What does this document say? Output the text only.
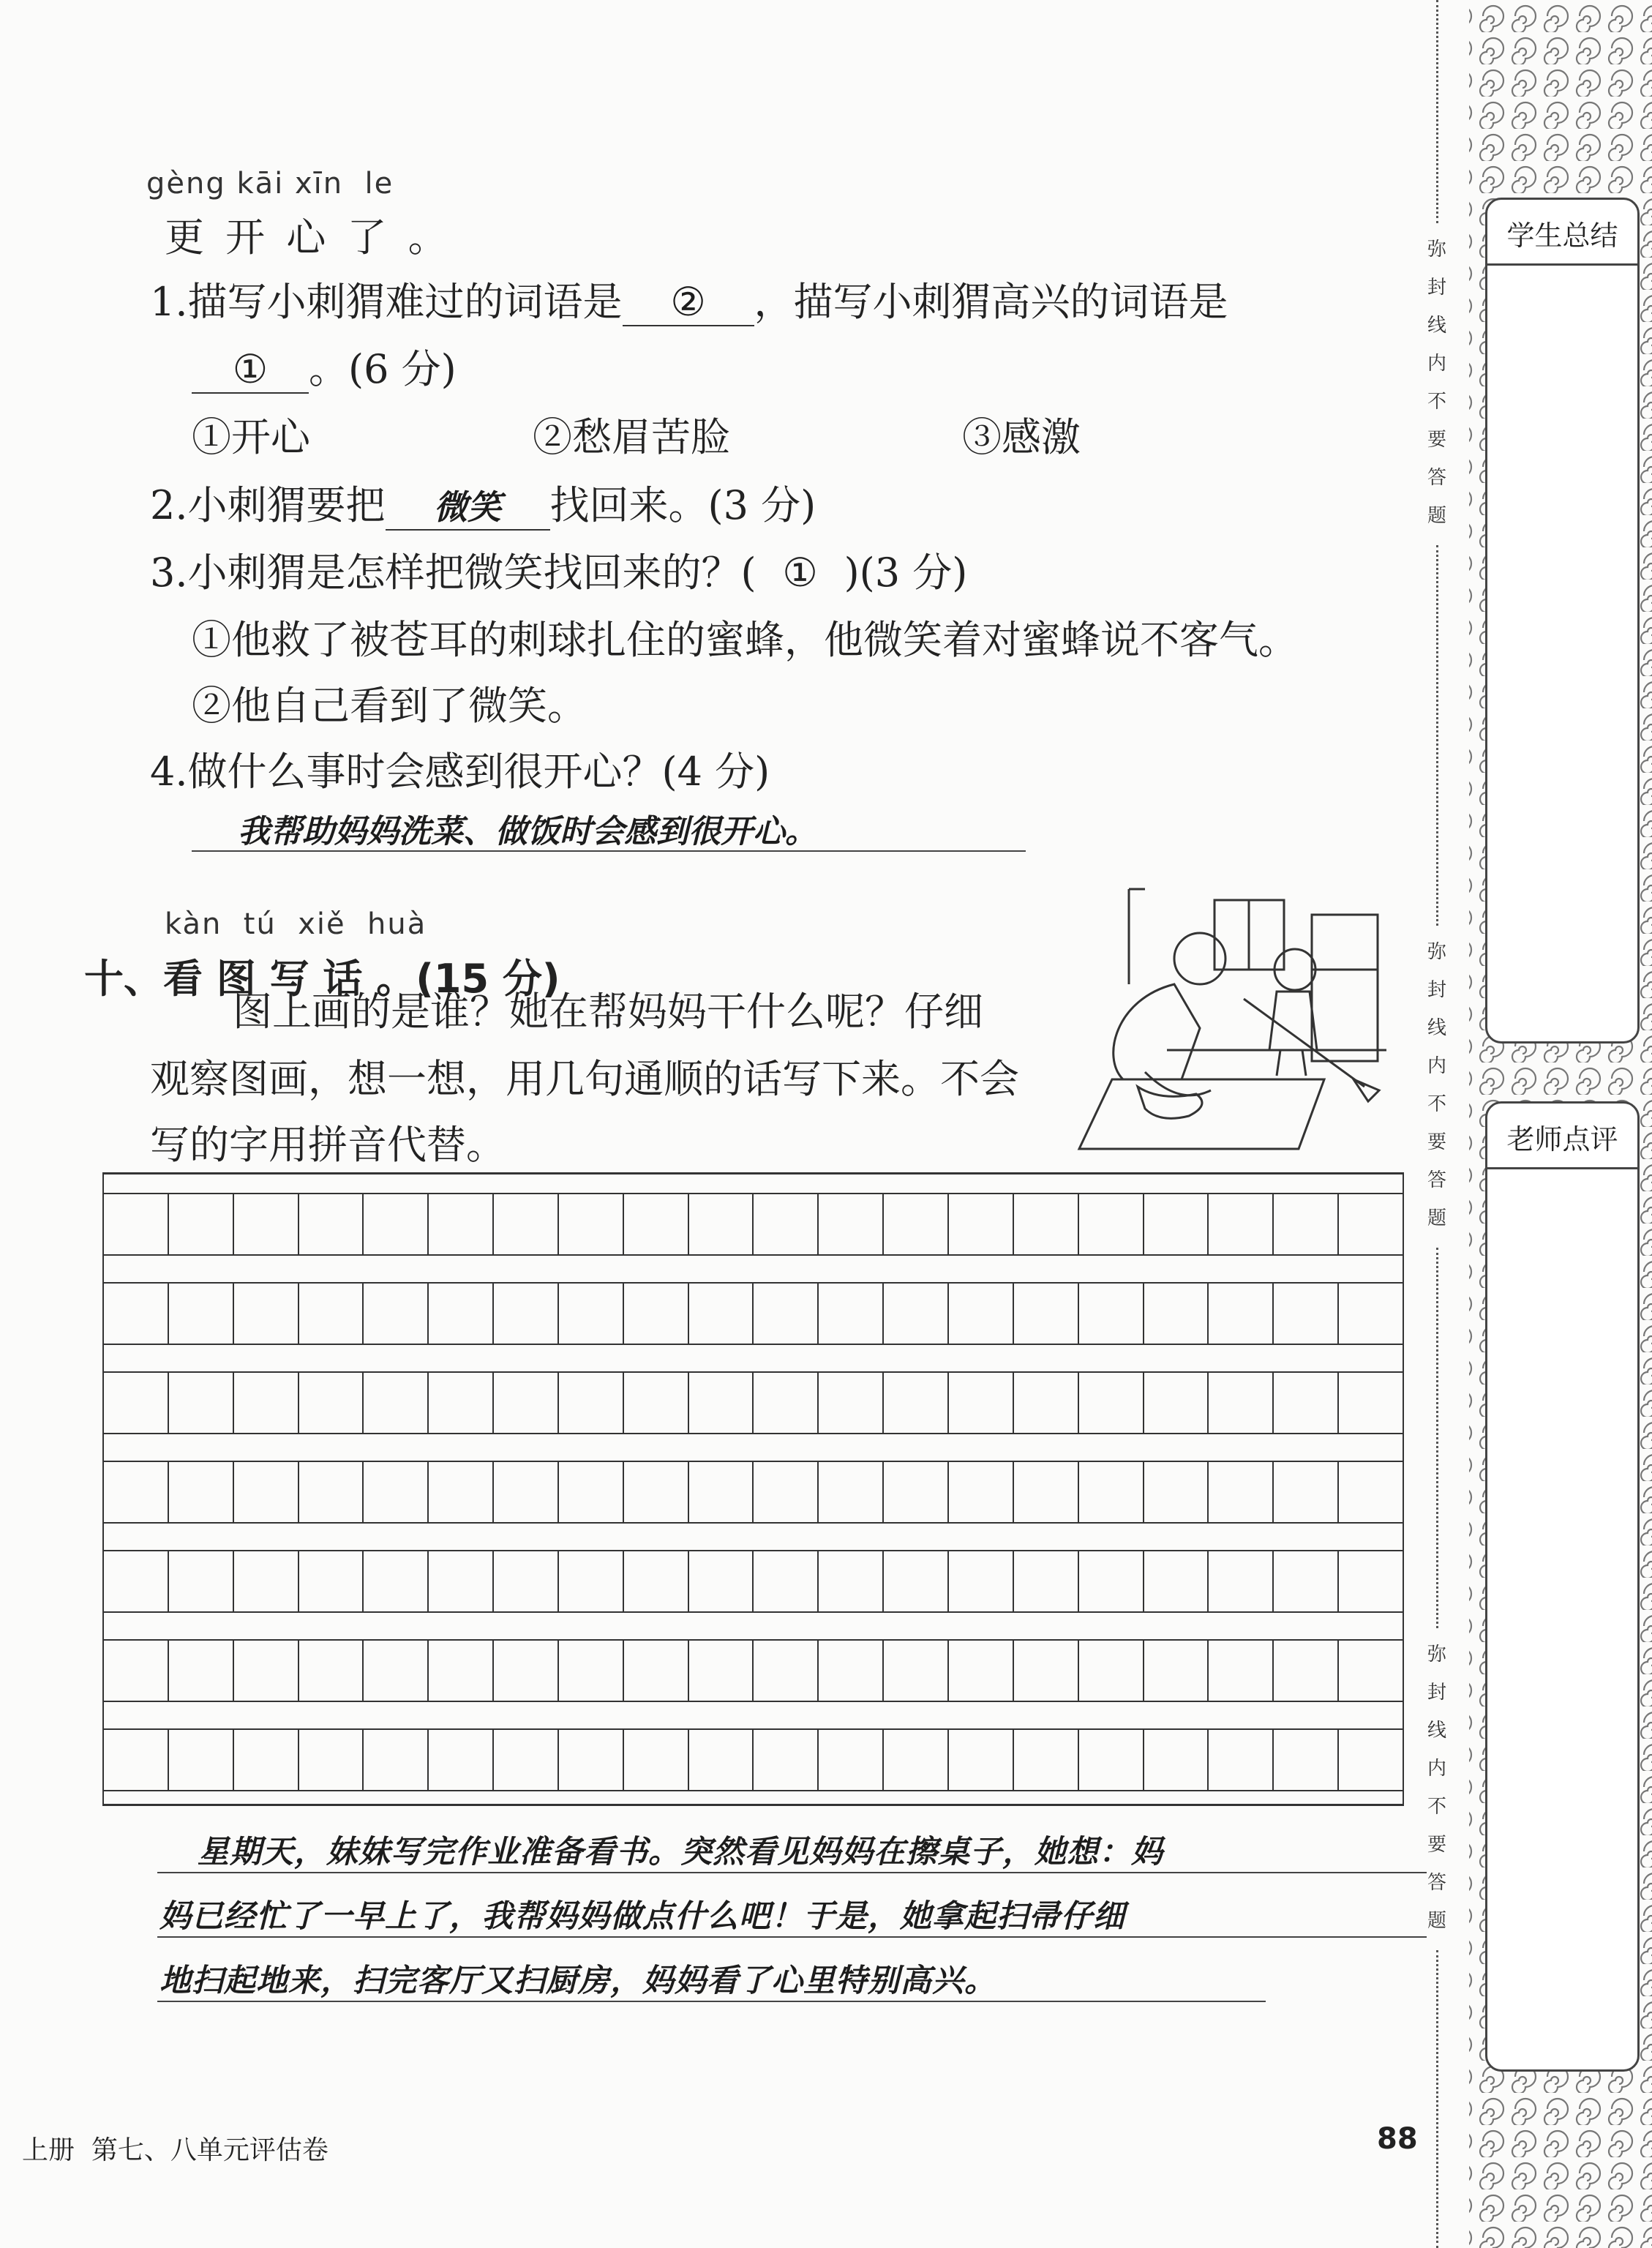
gèng kāi xīn  le
更 开 心 了 。
1.描写小刺猬难过的词语是 ② ，描写小刺猬高兴的词语是
① 。(6 分)
①开心	②愁眉苦脸	③感激
2.小刺猬要把 微笑 找回来。(3 分)
3.小刺猬是怎样把微笑找回来的？( ① )(3 分)
①他救了被苍耳的刺球扎住的蜜蜂，他微笑着对蜜蜂说不客气。
②他自己看到了微笑。
4.做什么事时会感到很开心？(4 分)
我帮助妈妈洗菜、做饭时会感到很开心。
kàn  tú  xiě  huà
十、看 图 写 话 。(15 分)
图上画的是谁？她在帮妈妈干什么呢？仔细
观察图画，想一想，用几句通顺的话写下来。不会
写的字用拼音代替。
星期天，妹妹写完作业准备看书。突然看见妈妈在擦桌子，她想：妈
妈已经忙了一早上了，我帮妈妈做点什么吧！于是，她拿起扫帚仔细
地扫起地来，扫完客厅又扫厨房，妈妈看了心里特别高兴。
上册  第七、八单元评估卷	88
弥
封
线
内
不
要
答
题
弥
封
线
内
不
要
答
题
弥
封
线
内
不
要
答
题
学生总结
老师点评
